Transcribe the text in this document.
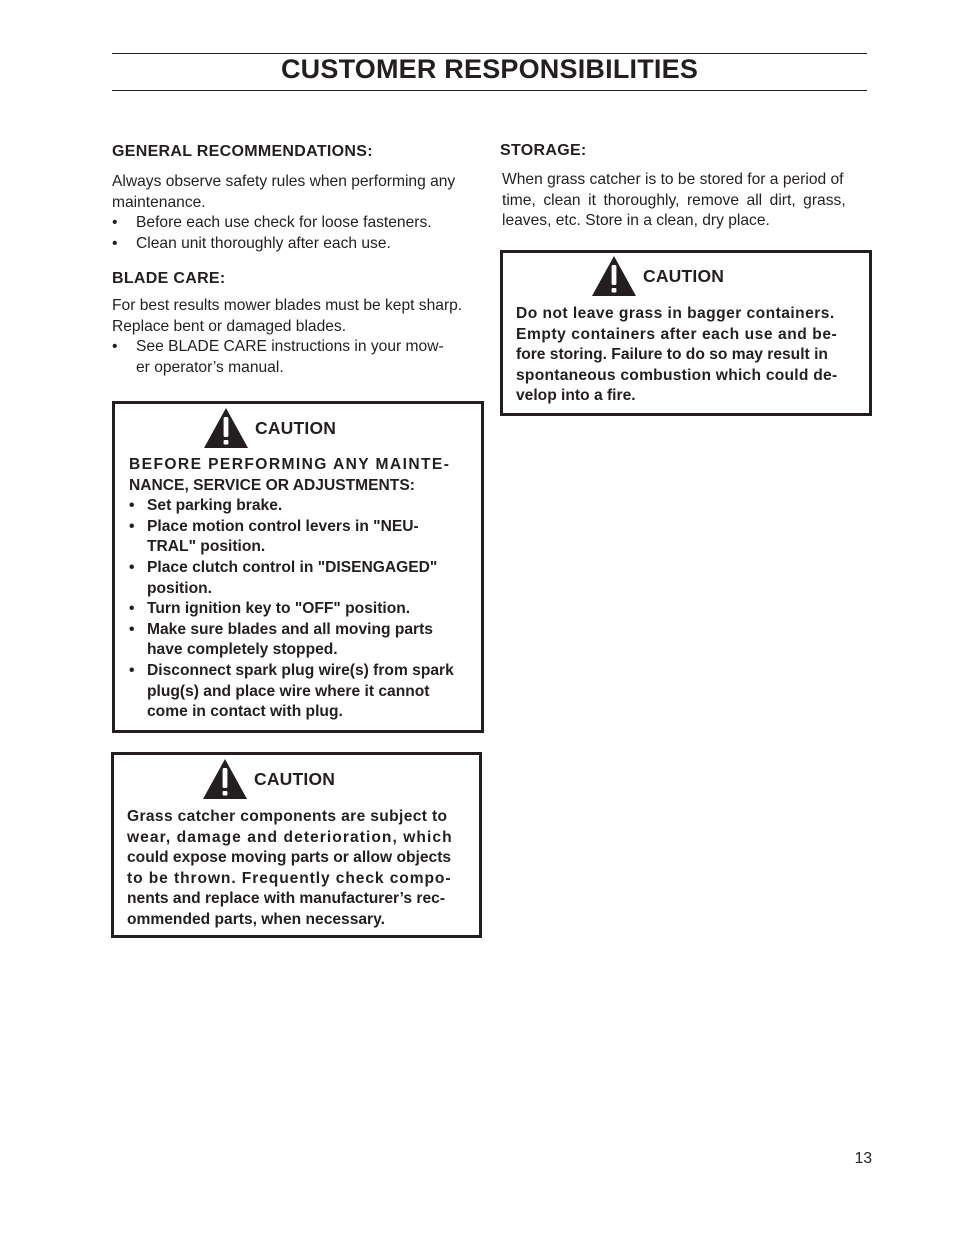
CUSTOMER RESPONSIBILITIES

GENERAL RECOMMENDATIONS:

Always observe safety rules when performing any

maintenance.

• Before each use check for loose fasteners.

• Clean unit thoroughly after each use.

BLADE CARE:

For best results mower blades must be kept sharp.

Replace bent or damaged blades.

• See BLADE CARE instructions in your mow-

er operator’s manual.

CAUTION

BEFORE PERFORMING ANY MAINTE-

NANCE, SERVICE OR ADJUSTMENTS:

• Set parking brake.

• Place motion control levers in "NEU-

TRAL" position.

• Place clutch control in "DISENGAGED"

position.

• Turn ignition key to "OFF" position.

• Make sure blades and all moving parts

have completely stopped.

• Disconnect spark plug wire(s) from spark

plug(s) and place wire where it cannot

come in contact with plug.

CAUTION

Grass catcher components are subject to

wear, damage and deterioration, which

could expose moving parts or allow objects

to be thrown. Frequently check compo-

nents and replace with manufacturer’s rec-

ommended parts, when necessary.

STORAGE:

When grass catcher is to be stored for a period of

time, clean it thoroughly, remove all dirt, grass,

leaves, etc. Store in a clean, dry place.

CAUTION

Do not leave grass in bagger containers.

Empty containers after each use and be-

fore storing. Failure to do so may result in

spontaneous combustion which could de-

velop into a fire.

13
